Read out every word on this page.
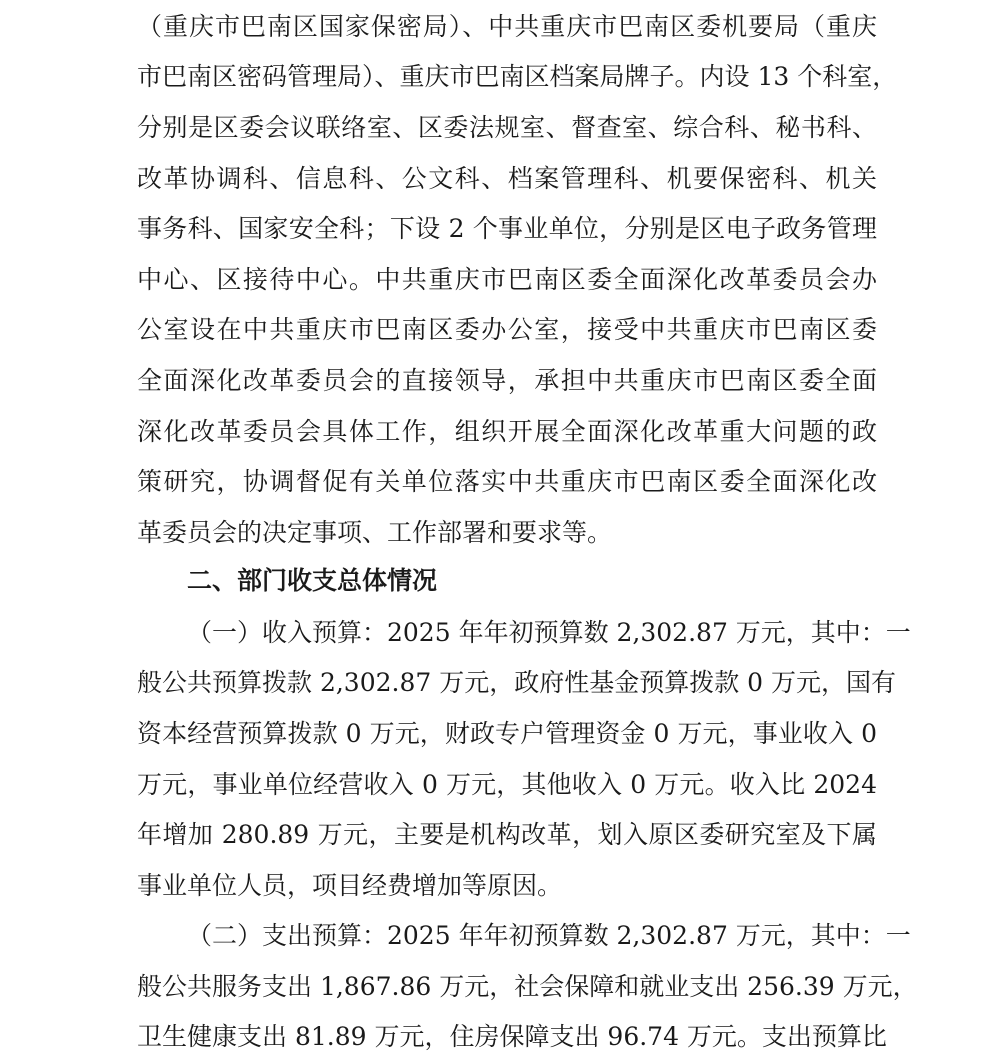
（重庆市巴南区国家保密局）、中共重庆市巴南区委机要局（重庆

市巴南区密码管理局）、重庆市巴南区档案局牌子。内设 13 个科室，

分别是区委会议联络室、区委法规室、督查室、综合科、秘书科、

改革协调科、信息科、公文科、档案管理科、机要保密科、机关

事务科、国家安全科；下设 2 个事业单位，分别是区电子政务管理

中心、区接待中心。中共重庆市巴南区委全面深化改革委员会办

公室设在中共重庆市巴南区委办公室，接受中共重庆市巴南区委

全面深化改革委员会的直接领导，承担中共重庆市巴南区委全面

深化改革委员会具体工作，组织开展全面深化改革重大问题的政

策研究，协调督促有关单位落实中共重庆市巴南区委全面深化改

革委员会的决定事项、工作部署和要求等。

二、部门收支总体情况

（一）收入预算：2025 年年初预算数 2,302.87 万元，其中：一

般公共预算拨款 2,302.87 万元，政府性基金预算拨款 0 万元，国有

资本经营预算拨款 0 万元，财政专户管理资金 0 万元，事业收入 0

万元，事业单位经营收入 0 万元，其他收入 0 万元。收入比 2024

年增加 280.89 万元，主要是机构改革，划入原区委研究室及下属

事业单位人员，项目经费增加等原因。

（二）支出预算：2025 年年初预算数 2,302.87 万元，其中：一

般公共服务支出 1,867.86 万元，社会保障和就业支出 256.39 万元，

卫生健康支出 81.89 万元，住房保障支出 96.74 万元。支出预算比
